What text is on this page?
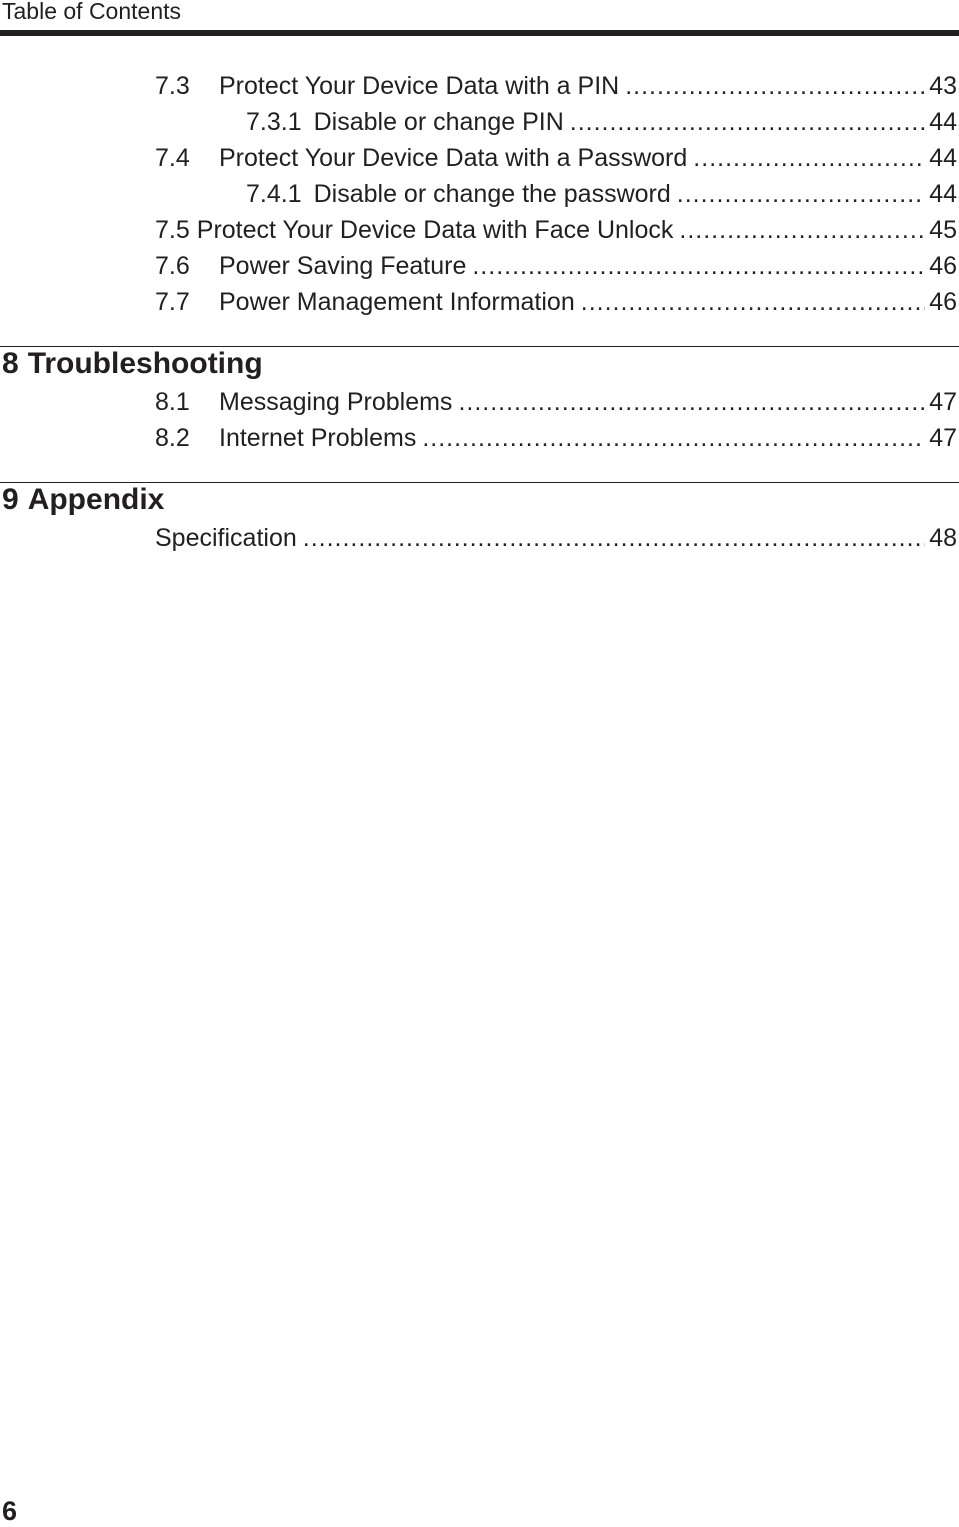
Table of Contents
7.3	Protect Your Device Data with a PIN .....	43
7.3.1 Disable or change PIN .....	44
7.4	Protect Your Device Data with a Password .....	44
7.4.1 Disable or change the password .....	44
7.5 Protect Your Device Data with Face Unlock .....	45
7.6	Power Saving Feature .....	46
7.7	Power Management Information .....	46
8 Troubleshooting
8.1	Messaging Problems .....	47
8.2	Internet Problems .....	47
9 Appendix
Specification .....	48
6
